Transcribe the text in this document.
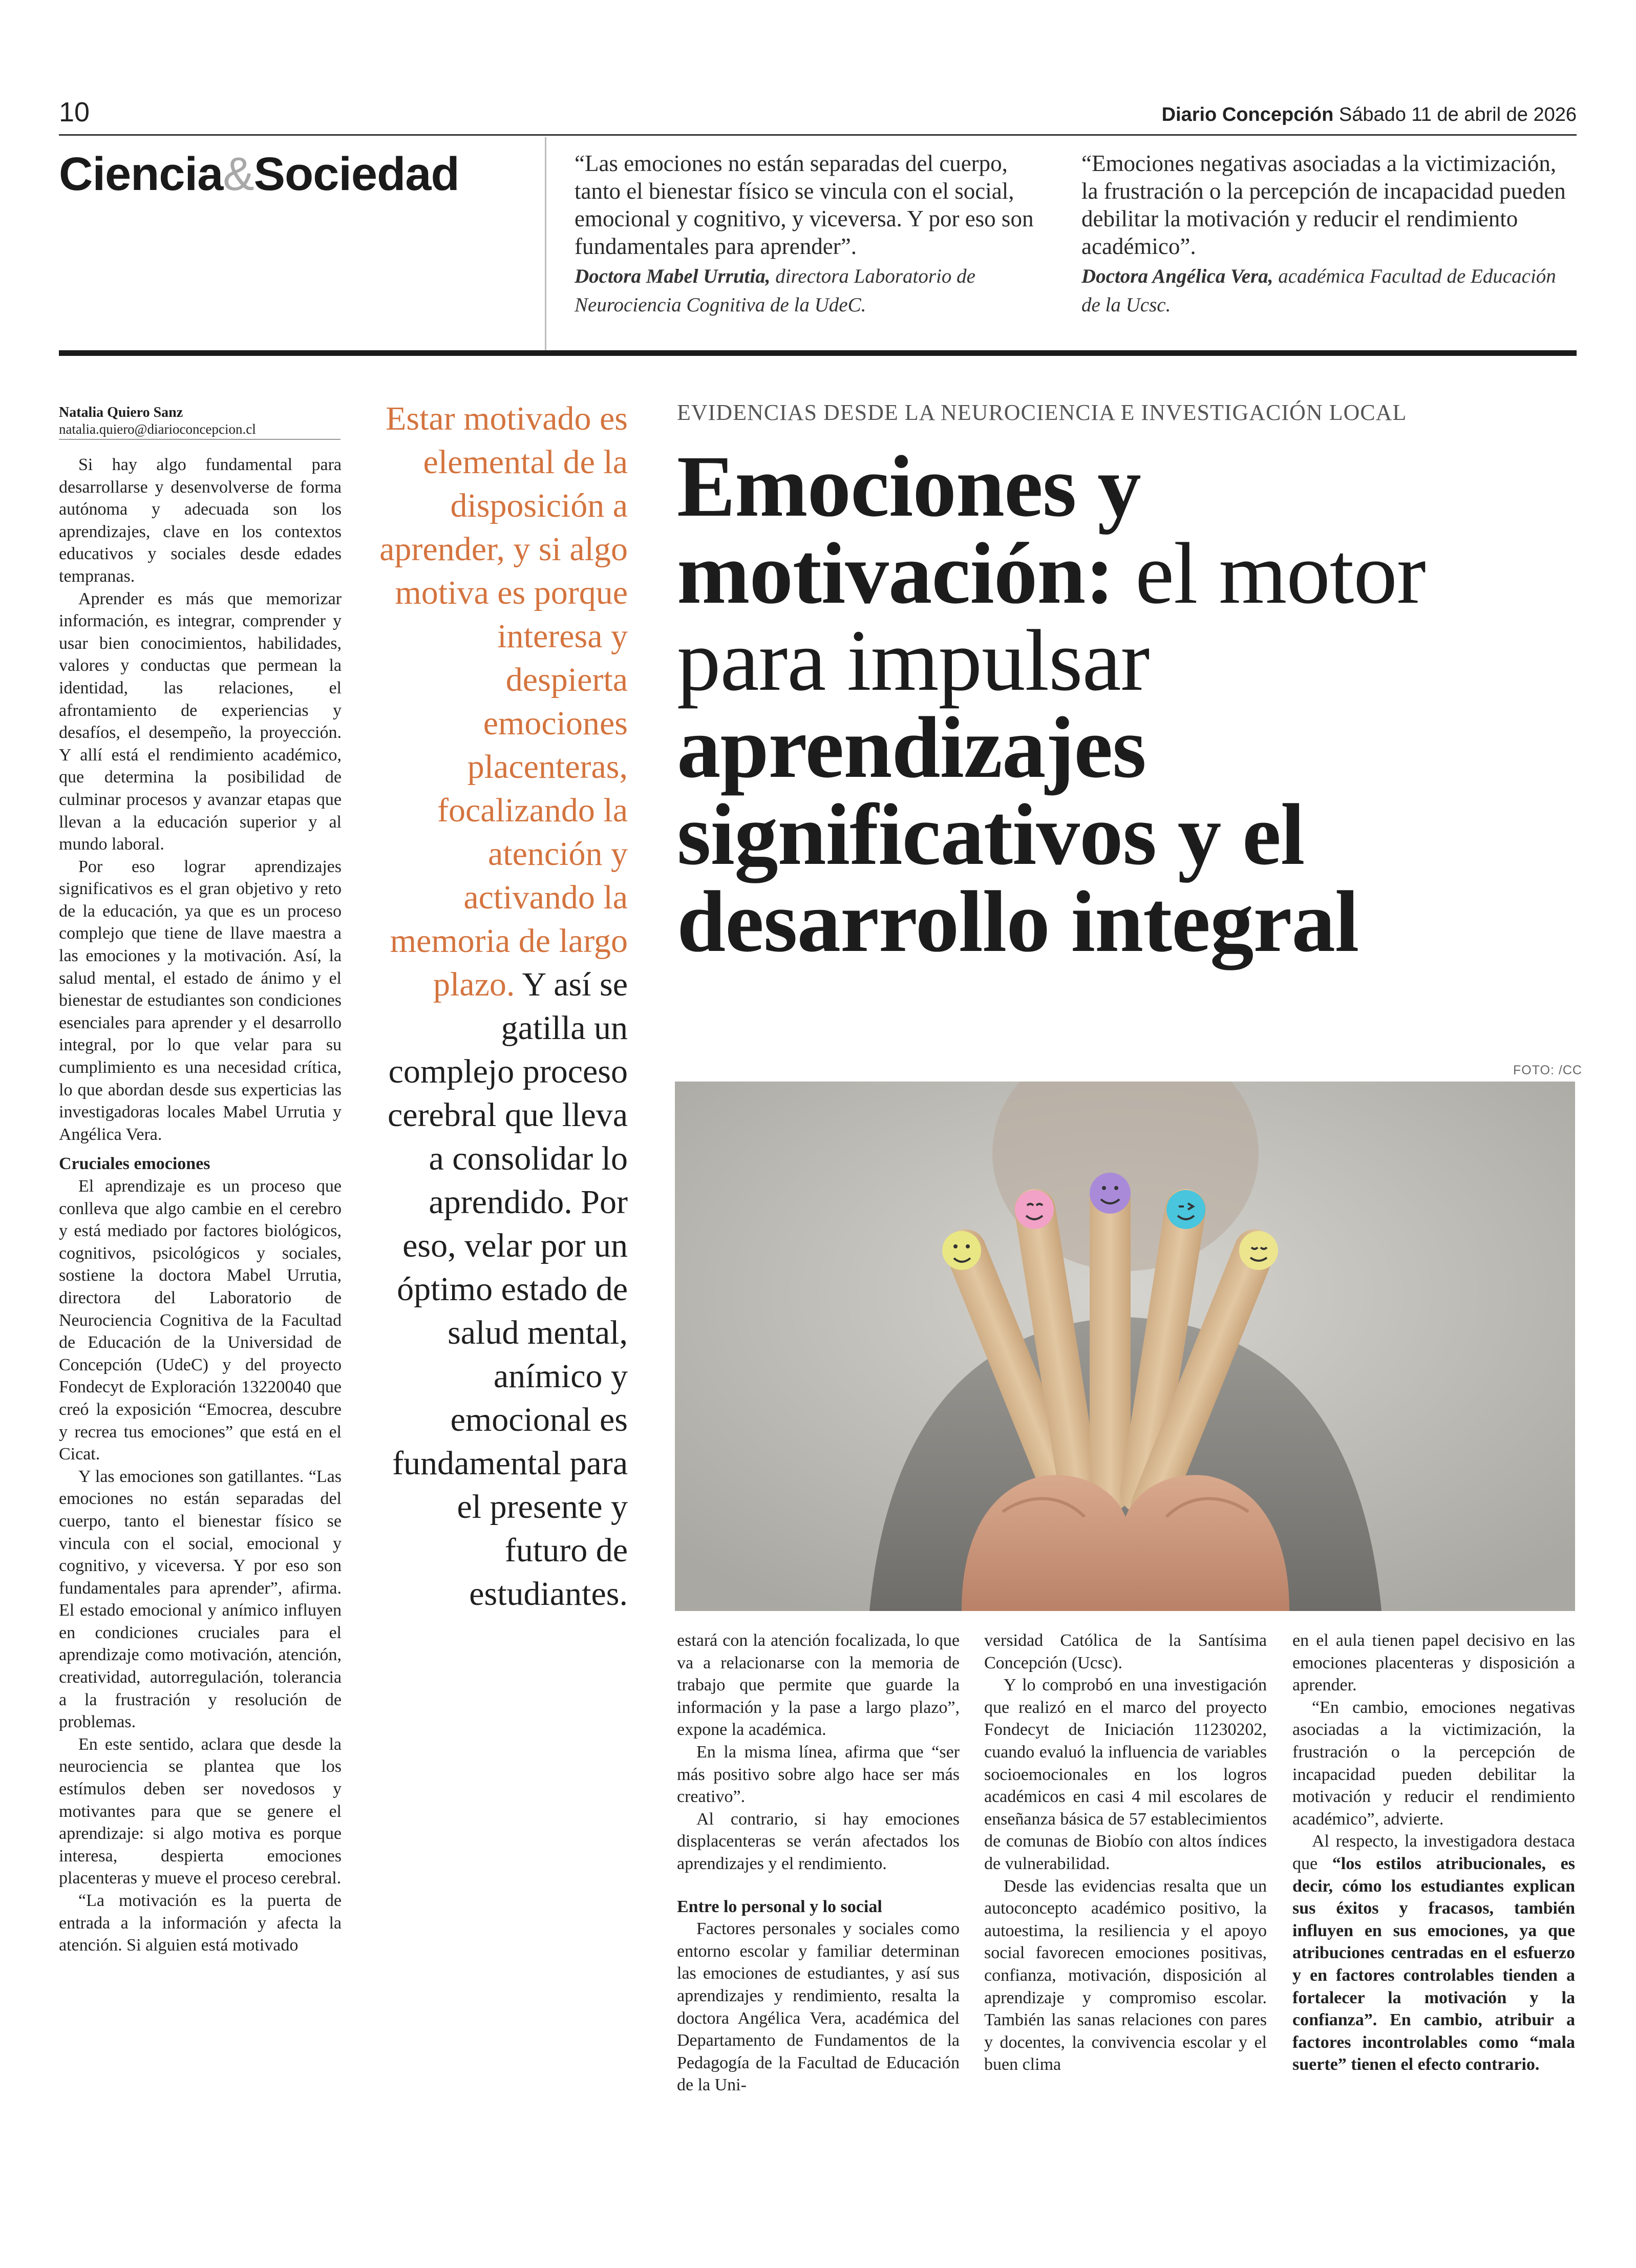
10	Diario Concepción Sábado 11 de abril de 2026
Ciencia&Sociedad	“Las emociones no están separadas del cuerpo, tanto el bienestar físico se vincula con el social, emocional y cognitivo, y viceversa. Y por eso son fundamentales para aprender”.
Doctora Mabel Urrutia, directora Laboratorio de Neurociencia Cognitiva de la UdeC.
“Emociones negativas asociadas a la victimización, la frustración o la percepción de incapacidad pueden debilitar la motivación y reducir el rendimiento académico”.
Doctora Angélica Vera, académica Facultad de Educación de la Ucsc.
Natalia Quiero Sanz
natalia.quiero@diarioconcepcion.cl

Si hay algo fundamental para desarrollarse y desenvolverse de forma autónoma y adecuada son los aprendizajes, clave en los contextos educativos y sociales desde edades tempranas.

Aprender es más que memorizar información, es integrar, comprender y usar bien conocimientos, habilidades, valores y conductas que permean la identidad, las relaciones, el afrontamiento de experiencias y desafíos, el desempeño, la proyección. Y allí está el rendimiento académico, que determina la posibilidad de culminar procesos y avanzar etapas que llevan a la educación superior y al mundo laboral.

Por eso lograr aprendizajes significativos es el gran objetivo y reto de la educación, ya que es un proceso complejo que tiene de llave maestra a las emociones y la motivación. Así, la salud mental, el estado de ánimo y el bienestar de estudiantes son condiciones esenciales para aprender y el desarrollo integral, por lo que velar para su cumplimiento es una necesidad crítica, lo que abordan desde sus experticias las investigadoras locales Mabel Urrutia y Angélica Vera.

Cruciales emociones

El aprendizaje es un proceso que conlleva que algo cambie en el cerebro y está mediado por factores biológicos, cognitivos, psicológicos y sociales, sostiene la doctora Mabel Urrutia, directora del Laboratorio de Neurociencia Cognitiva de la Facultad de Educación de la Universidad de Concepción (UdeC) y del proyecto Fondecyt de Exploración 13220040 que creó la exposición “Emocrea, descubre y recrea tus emociones” que está en el Cicat.

Y las emociones son gatillantes. “Las emociones no están separadas del cuerpo, tanto el bienestar físico se vincula con el social, emocional y cognitivo, y viceversa. Y por eso son fundamentales para aprender”, afirma. El estado emocional y anímico influyen en condiciones cruciales para el aprendizaje como motivación, atención, creatividad, autorregulación, tolerancia a la frustración y resolución de problemas.

En este sentido, aclara que desde la neurociencia se plantea que los estímulos deben ser novedosos y motivantes para que se genere el aprendizaje: si algo motiva es porque interesa, despierta emociones placenteras y mueve el proceso cerebral.

“La motivación es la puerta de entrada a la información y afecta la atención. Si alguien está motivado

Estar motivado es elemental de la disposición a aprender, y si algo motiva es porque interesa y despierta emociones placenteras, focalizando la atención y activando la memoria de largo plazo. Y así se gatilla un complejo proceso cerebral que lleva a consolidar lo aprendido. Por eso, velar por un óptimo estado de salud mental, anímico y emocional es fundamental para el presente y futuro de estudiantes.
EVIDENCIAS DESDE LA NEUROCIENCIA E INVESTIGACIÓN LOCAL
Emociones y motivación: el motor para impulsar aprendizajes significativos y el desarrollo integral
FOTO: /CC

estará con la atención focalizada, lo que va a relacionarse con la memoria de trabajo que permite que guarde la información y la pase a largo plazo”, expone la académica.

En la misma línea, afirma que “ser más positivo sobre algo hace ser más creativo”.

Al contrario, si hay emociones displacenteras se verán afectados los aprendizajes y el rendimiento.

Entre lo personal y lo social

Factores personales y sociales como entorno escolar y familiar determinan las emociones de estudiantes, y así sus aprendizajes y rendimiento, resalta la doctora Angélica Vera, académica del Departamento de Fundamentos de la Pedagogía de la Facultad de Educación de la Uni-

versidad Católica de la Santísima Concepción (Ucsc).

Y lo comprobó en una investigación que realizó en el marco del proyecto Fondecyt de Iniciación 11230202, cuando evaluó la influencia de variables socioemocionales en los logros académicos en casi 4 mil escolares de enseñanza básica de 57 establecimientos de comunas de Biobío con altos índices de vulnerabilidad.

Desde las evidencias resalta que un autoconcepto académico positivo, la autoestima, la resiliencia y el apoyo social favorecen emociones positivas, confianza, motivación, disposición al aprendizaje y compromiso escolar. También las sanas relaciones con pares y docentes, la convivencia escolar y el buen clima

en el aula tienen papel decisivo en las emociones placenteras y disposición a aprender.

“En cambio, emociones negativas asociadas a la victimización, la frustración o la percepción de incapacidad pueden debilitar la motivación y reducir el rendimiento académico”, advierte.

Al respecto, la investigadora destaca que “los estilos atribucionales, es decir, cómo los estudiantes explican sus éxitos y fracasos, también influyen en sus emociones, ya que atribuciones centradas en el esfuerzo y en factores controlables tienden a fortalecer la motivación y la confianza”. En cambio, atribuir a factores incontrolables como “mala suerte” tienen el efecto contrario.
